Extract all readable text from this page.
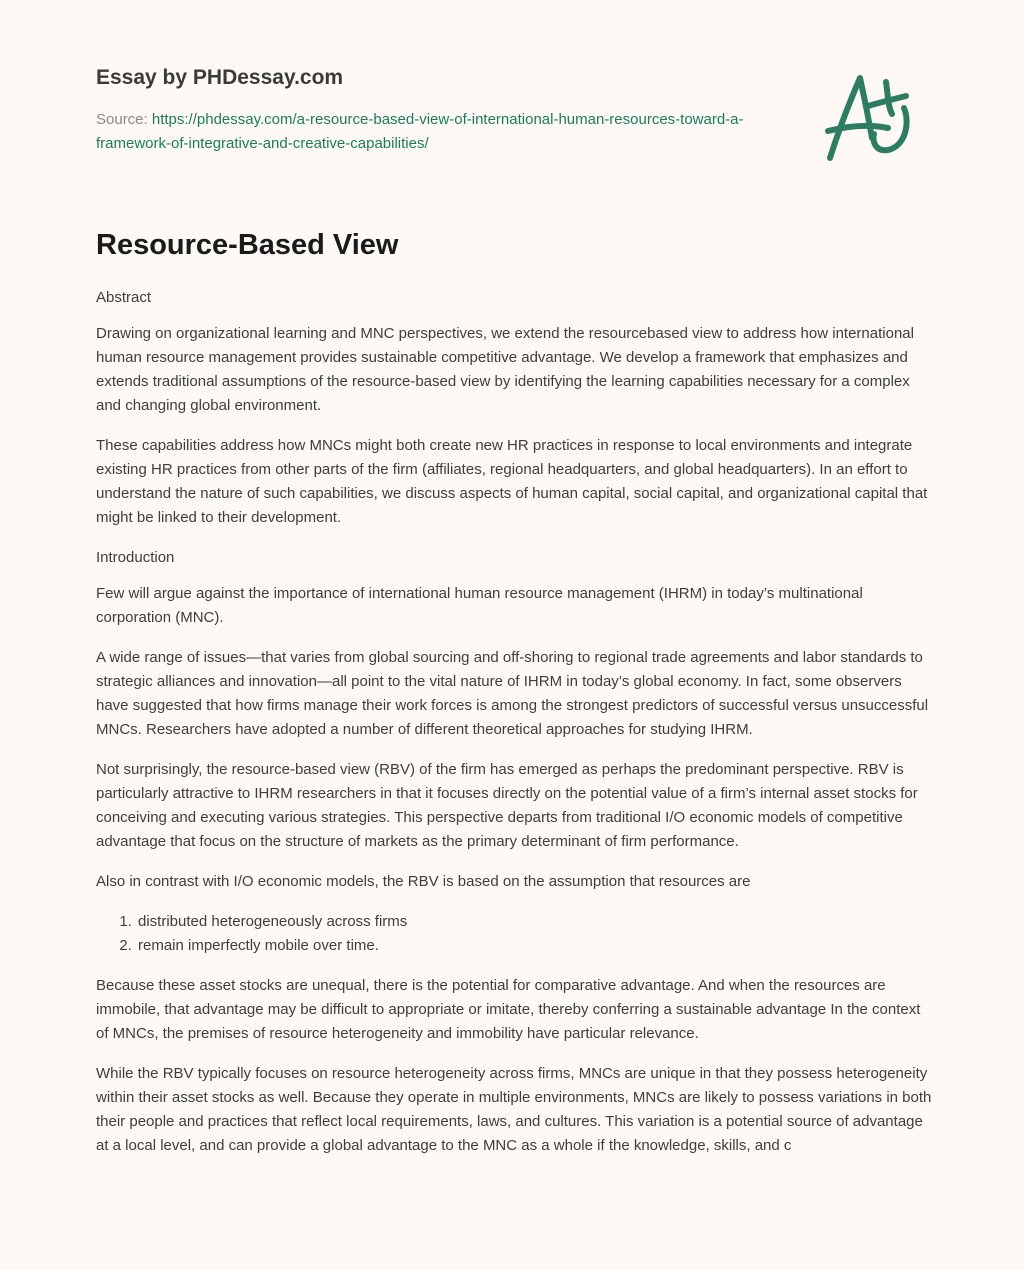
Essay by PHDessay.com
Source: https://phdessay.com/a-resource-based-view-of-international-human-resources-toward-a-framework-of-integrative-and-creative-capabilities/
Resource-Based View
Abstract

Drawing on organizational learning and MNC perspectives, we extend the resourcebased view to address how international human resource management provides sustainable competitive advantage. We develop a framework that emphasizes and extends traditional assumptions of the resource-based view by identifying the learning capabilities necessary for a complex and changing global environment.

These capabilities address how MNCs might both create new HR practices in response to local environments and integrate existing HR practices from other parts of the firm (affiliates, regional headquarters, and global headquarters). In an effort to understand the nature of such capabilities, we discuss aspects of human capital, social capital, and organizational capital that might be linked to their development.

Introduction

Few will argue against the importance of international human resource management (IHRM) in today’s multinational corporation (MNC).

A wide range of issues—that varies from global sourcing and off-shoring to regional trade agreements and labor standards to strategic alliances and innovation—all point to the vital nature of IHRM in today’s global economy. In fact, some observers have suggested that how firms manage their work forces is among the strongest predictors of successful versus unsuccessful MNCs. Researchers have adopted a number of different theoretical approaches for studying IHRM.

Not surprisingly, the resource-based view (RBV) of the firm has emerged as perhaps the predominant perspective. RBV is particularly attractive to IHRM researchers in that it focuses directly on the potential value of a firm’s internal asset stocks for conceiving and executing various strategies. This perspective departs from traditional I/O economic models of competitive advantage that focus on the structure of markets as the primary determinant of firm performance.

Also in contrast with I/O economic models, the RBV is based on the assumption that resources are

1. distributed heterogeneously across firms
2. remain imperfectly mobile over time.

Because these asset stocks are unequal, there is the potential for comparative advantage. And when the resources are immobile, that advantage may be difficult to appropriate or imitate, thereby conferring a sustainable advantage In the context of MNCs, the premises of resource heterogeneity and immobility have particular relevance.

While the RBV typically focuses on resource heterogeneity across firms, MNCs are unique in that they possess heterogeneity within their asset stocks as well. Because they operate in multiple environments, MNCs are likely to possess variations in both their people and practices that reflect local requirements, laws, and cultures. This variation is a potential source of advantage at a local level, and can provide a global advantage to the MNC as a whole if the knowledge, skills, and c
